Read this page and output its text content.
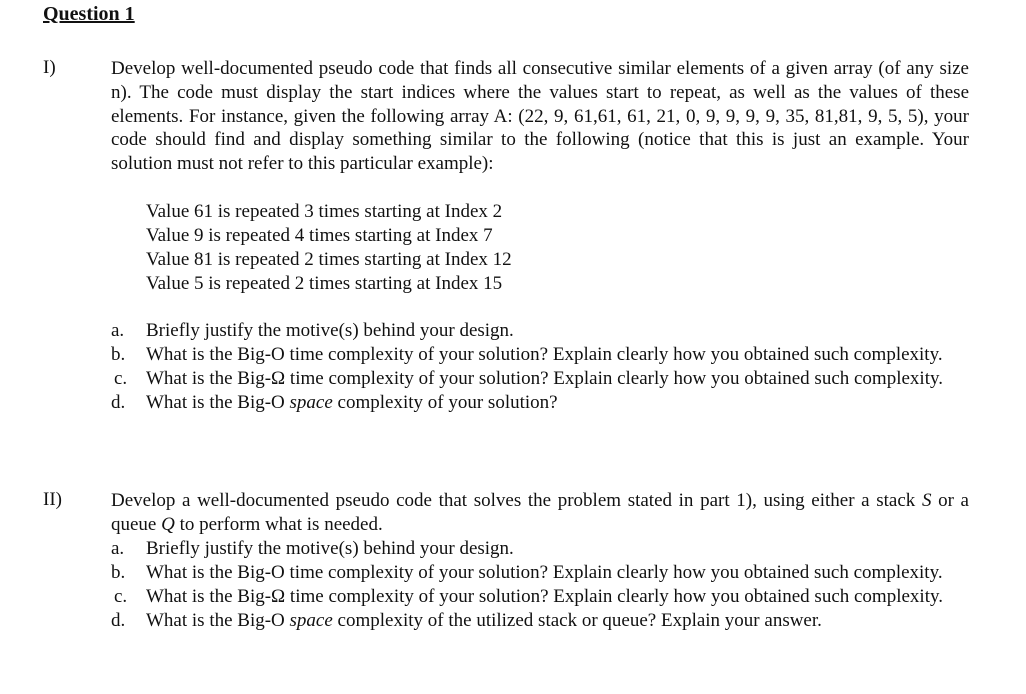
Question 1
I)	Develop well-documented pseudo code that finds all consecutive similar elements of a given array (of any size n). The code must display the start indices where the values start to repeat, as well as the values of these elements. For instance, given the following array A: (22, 9, 61,61, 61, 21, 0, 9, 9, 9, 9, 35, 81,81, 9, 5, 5), your code should find and display something similar to the following (notice that this is just an example. Your solution must not refer to this particular example):
Value 61 is repeated 3 times starting at Index 2
Value 9 is repeated 4 times starting at Index 7
Value 81 is repeated 2 times starting at Index 12
Value 5 is repeated 2 times starting at Index 15
a.	Briefly justify the motive(s) behind your design.
b.	What is the Big-O time complexity of your solution? Explain clearly how you obtained such complexity.
c. What is the Big-Ω time complexity of your solution? Explain clearly how you obtained such complexity.
d.	What is the Big-O space complexity of your solution?
II)	Develop a well-documented pseudo code that solves the problem stated in part 1), using either a stack S or a queue Q to perform what is needed.
a.	Briefly justify the motive(s) behind your design.
b.	What is the Big-O time complexity of your solution? Explain clearly how you obtained such complexity.
c. What is the Big-Ω time complexity of your solution? Explain clearly how you obtained such complexity.
d.	What is the Big-O space complexity of the utilized stack or queue? Explain your answer.
